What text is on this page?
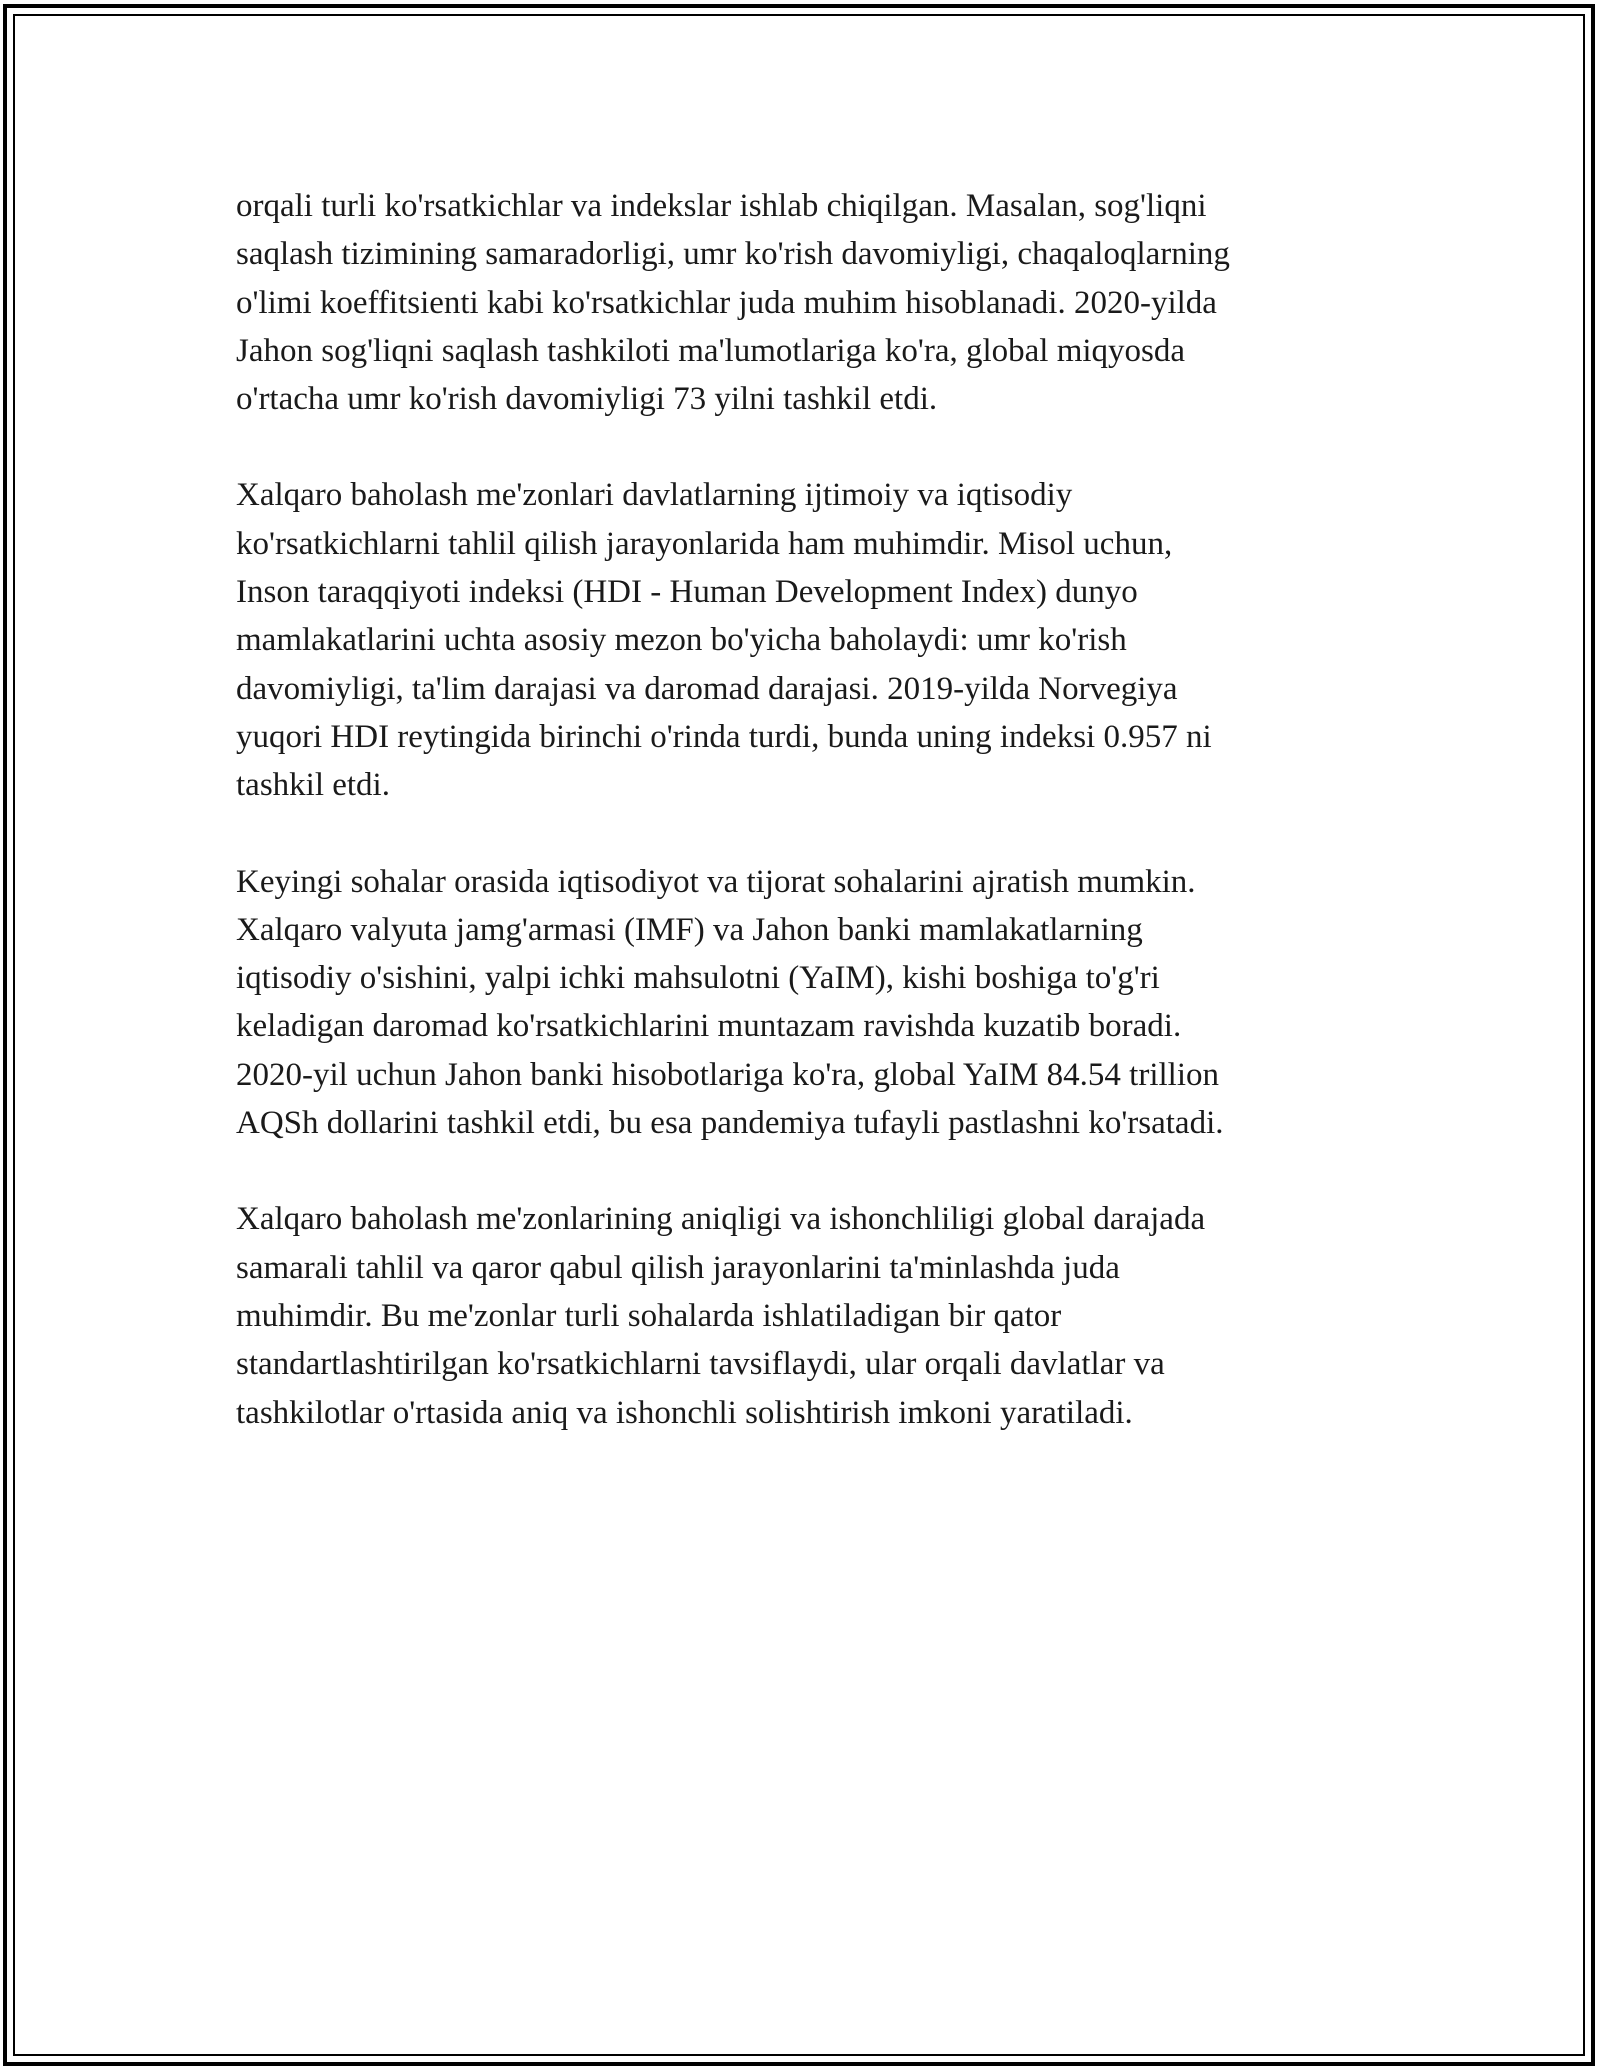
orqali turli ko'rsatkichlar va indekslar ishlab chiqilgan. Masalan, sog'liqni
saqlash tizimining samaradorligi, umr ko'rish davomiyligi, chaqaloqlarning
o'limi koeffitsienti kabi ko'rsatkichlar juda muhim hisoblanadi. 2020-yilda
Jahon sog'liqni saqlash tashkiloti ma'lumotlariga ko'ra, global miqyosda
o'rtacha umr ko'rish davomiyligi 73 yilni tashkil etdi.

Xalqaro baholash me'zonlari davlatlarning ijtimoiy va iqtisodiy
ko'rsatkichlarni tahlil qilish jarayonlarida ham muhimdir. Misol uchun,
Inson taraqqiyoti indeksi (HDI - Human Development Index) dunyo
mamlakatlarini uchta asosiy mezon bo'yicha baholaydi: umr ko'rish
davomiyligi, ta'lim darajasi va daromad darajasi. 2019-yilda Norvegiya
yuqori HDI reytingida birinchi o'rinda turdi, bunda uning indeksi 0.957 ni
tashkil etdi.

Keyingi sohalar orasida iqtisodiyot va tijorat sohalarini ajratish mumkin.
Xalqaro valyuta jamg'armasi (IMF) va Jahon banki mamlakatlarning
iqtisodiy o'sishini, yalpi ichki mahsulotni (YaIM), kishi boshiga to'g'ri
keladigan daromad ko'rsatkichlarini muntazam ravishda kuzatib boradi.
2020-yil uchun Jahon banki hisobotlariga ko'ra, global YaIM 84.54 trillion
AQSh dollarini tashkil etdi, bu esa pandemiya tufayli pastlashni ko'rsatadi.

Xalqaro baholash me'zonlarining aniqligi va ishonchliligi global darajada
samarali tahlil va qaror qabul qilish jarayonlarini ta'minlashda juda
muhimdir. Bu me'zonlar turli sohalarda ishlatiladigan bir qator
standartlashtirilgan ko'rsatkichlarni tavsiflaydi, ular orqali davlatlar va
tashkilotlar o'rtasida aniq va ishonchli solishtirish imkoni yaratiladi.
